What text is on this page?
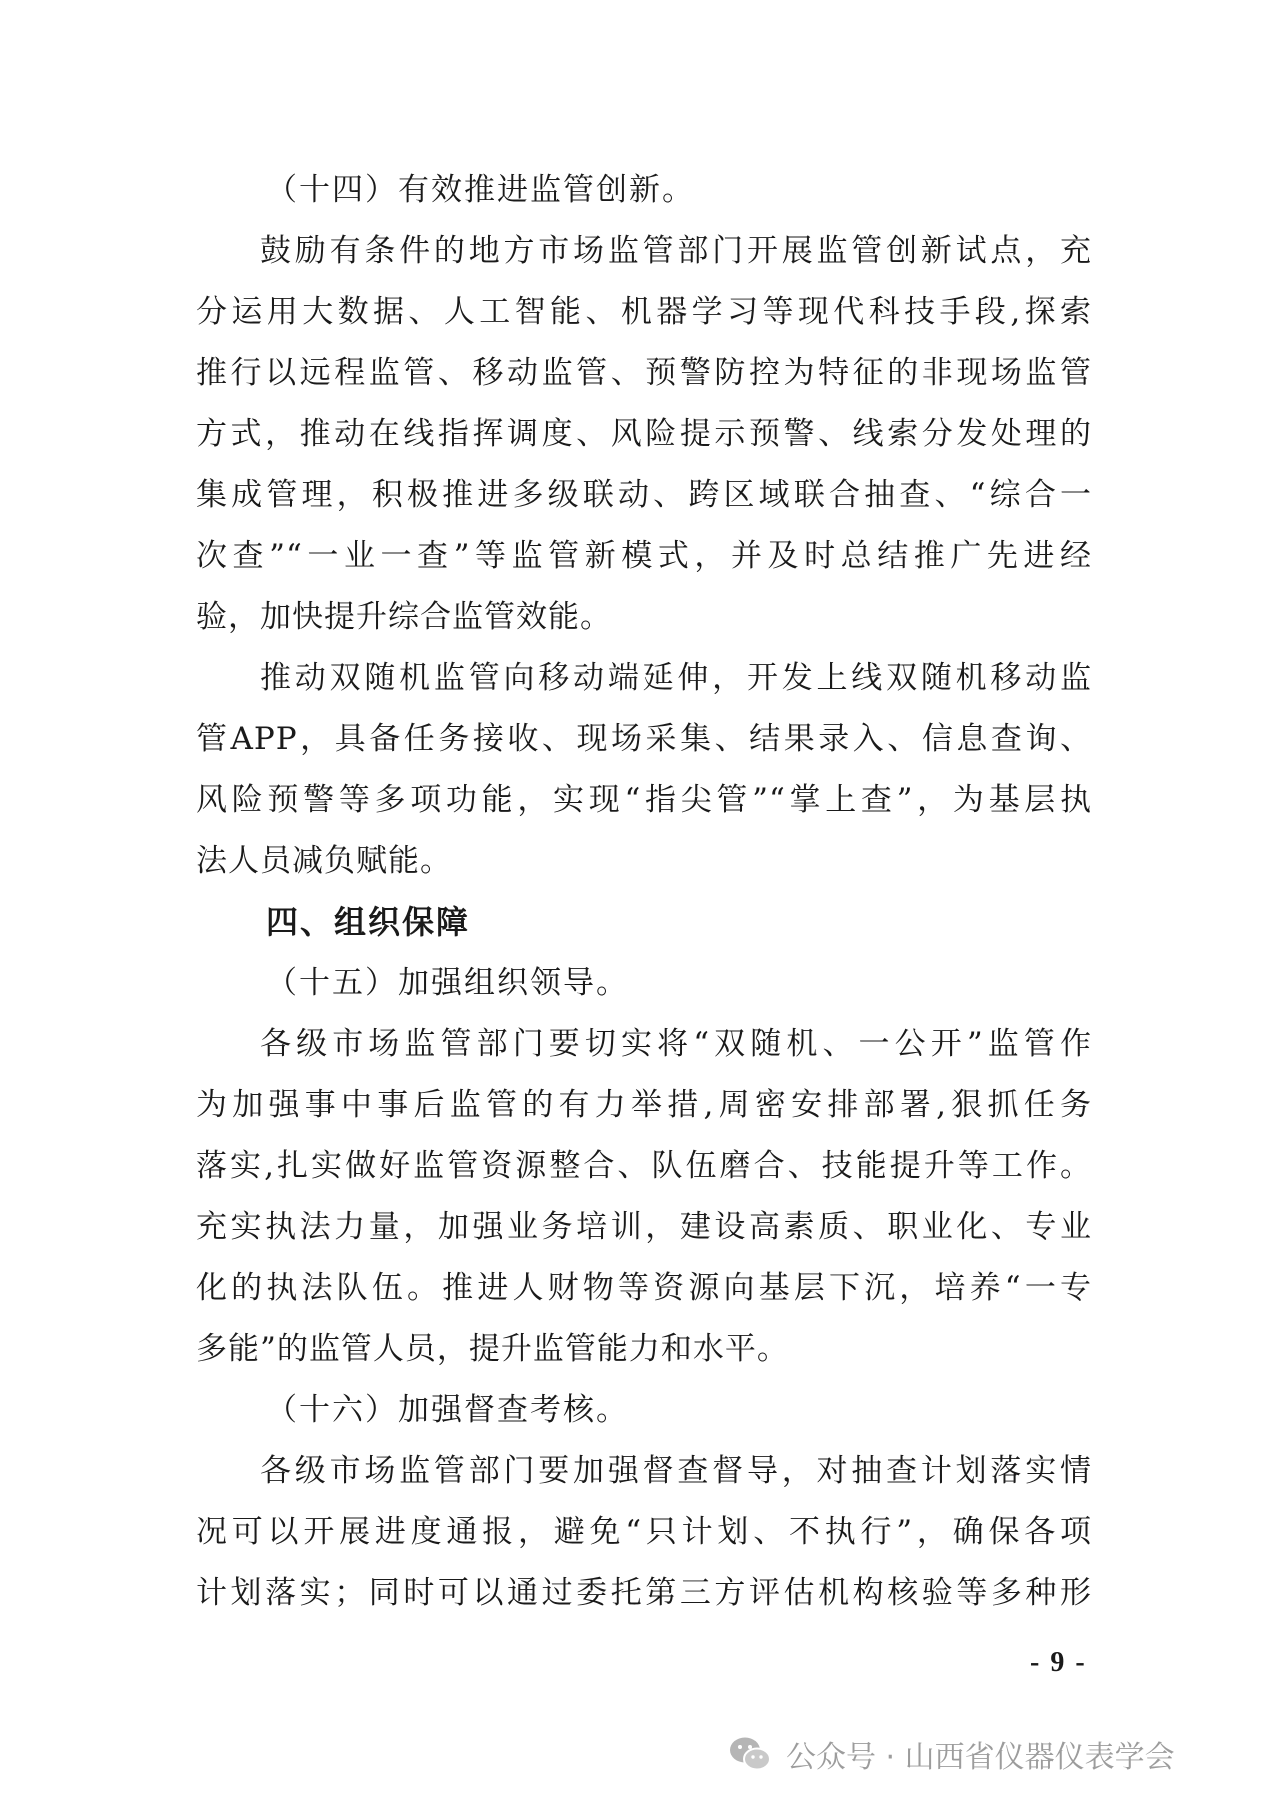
（十四）有效推进监管创新。
鼓励有条件的地方市场监管部门开展监管创新试点，充
分运用大数据、人工智能、机器学习等现代科技手段,探索
推行以远程监管、移动监管、预警防控为特征的非现场监管
方式，推动在线指挥调度、风险提示预警、线索分发处理的
集成管理，积极推进多级联动、跨区域联合抽查、“综合一
次查”“一业一查”等监管新模式，并及时总结推广先进经
验，加快提升综合监管效能。
推动双随机监管向移动端延伸，开发上线双随机移动监
管APP，具备任务接收、现场采集、结果录入、信息查询、
风险预警等多项功能，实现“指尖管”“掌上查”，为基层执
法人员减负赋能。
四、组织保障
（十五）加强组织领导。
各级市场监管部门要切实将“双随机、一公开”监管作
为加强事中事后监管的有力举措,周密安排部署,狠抓任务
落实,扎实做好监管资源整合、队伍磨合、技能提升等工作。
充实执法力量，加强业务培训，建设高素质、职业化、专业
化的执法队伍。推进人财物等资源向基层下沉，培养“一专
多能”的监管人员，提升监管能力和水平。
（十六）加强督查考核。
各级市场监管部门要加强督查督导，对抽查计划落实情
况可以开展进度通报，避免“只计划、不执行”，确保各项
计划落实；同时可以通过委托第三方评估机构核验等多种形
- 9 -
公众号 · 山西省仪器仪表学会
